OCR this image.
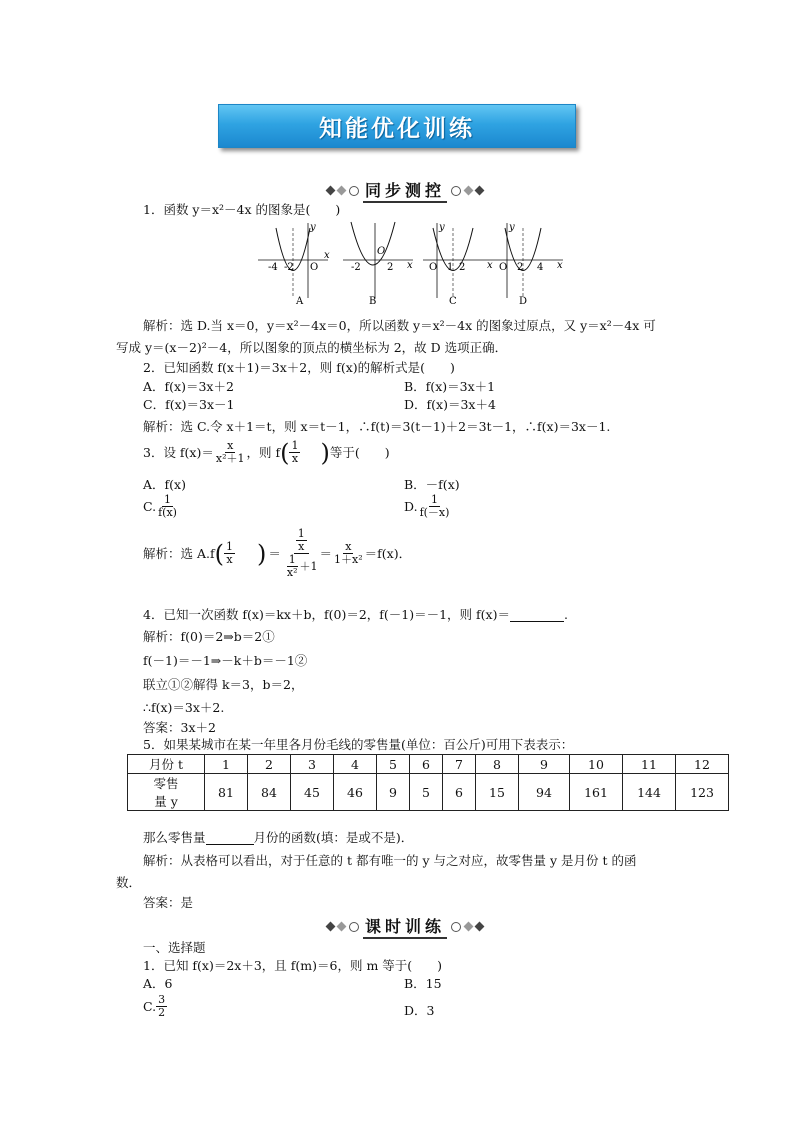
知能优化训练
同步测控
1．函数 y＝x²－4x 的图象是(　　)
-4 -2 O
x
y
A
-2
O
2 x
B
O 1 2 x
y
C
O 2 4 x
y
D
解析：选 D.当 x＝0，y＝x²－4x＝0，所以函数 y＝x²－4x 的图象过原点，又 y＝x²－4x 可
写成 y＝(x－2)²－4，所以图象的顶点的横坐标为 2，故 D 选项正确．
2．已知函数 f(x＋1)＝3x＋2，则 f(x)的解析式是(　　)
A．f(x)＝3x＋2	B．f(x)＝3x＋1
C．f(x)＝3x－1	D．f(x)＝3x＋4
解析：选 C.令 x＋1＝t，则 x＝t－1，∴f(t)＝3(t－1)＋2＝3t－1，∴f(x)＝3x－1.
3．设 $f(x)= \frac{x}{\text{x²＋1}}$ ，则 f ( $\frac{1}{x}$ ) 等于(　　)
A．f(x)	B．－f(x)
C. $\frac{1}{f(x)}$	D. $\frac{1}{f(-x)}$
解析：选 A.f ( $\frac{1}{x}$ ) ＝ $\frac{\frac{1}{x}}{\frac{1}{\text{x²}} +1} = \frac{x}{\text{1＋x²}} =f(x)$．
4．已知一次函数 f(x)＝kx＋b，f(0)＝2，f(－1)＝－1，则 f(x)＝	.
解析：f(0)＝2⇒b＝2①
f(－1)＝－1⇒－k＋b＝－1②
联立①②解得 k＝3，b＝2，
∴f(x)＝3x＋2.
答案：3x＋2
5．如果某城市在某一年里各月份毛线的零售量(单位：百公斤)可用下表表示：
月份 t	1	2	3	4	5	6	7	8	9	10	11	12

零售
量 y	81	84	45	46	9	5	6	15	94	161	144	123
那么零售量	月份的函数(填：是或不是)．
解析：从表格可以看出，对于任意的 t 都有唯一的 y 与之对应，故零售量 y 是月份 t 的函
数．
答案：是
课时训练
一、选择题
1．已知 f(x)＝2x＋3，且 f(m)＝6，则 m 等于(　　)
A．6	B．15
C. $\frac{3}{2}$	D．3
